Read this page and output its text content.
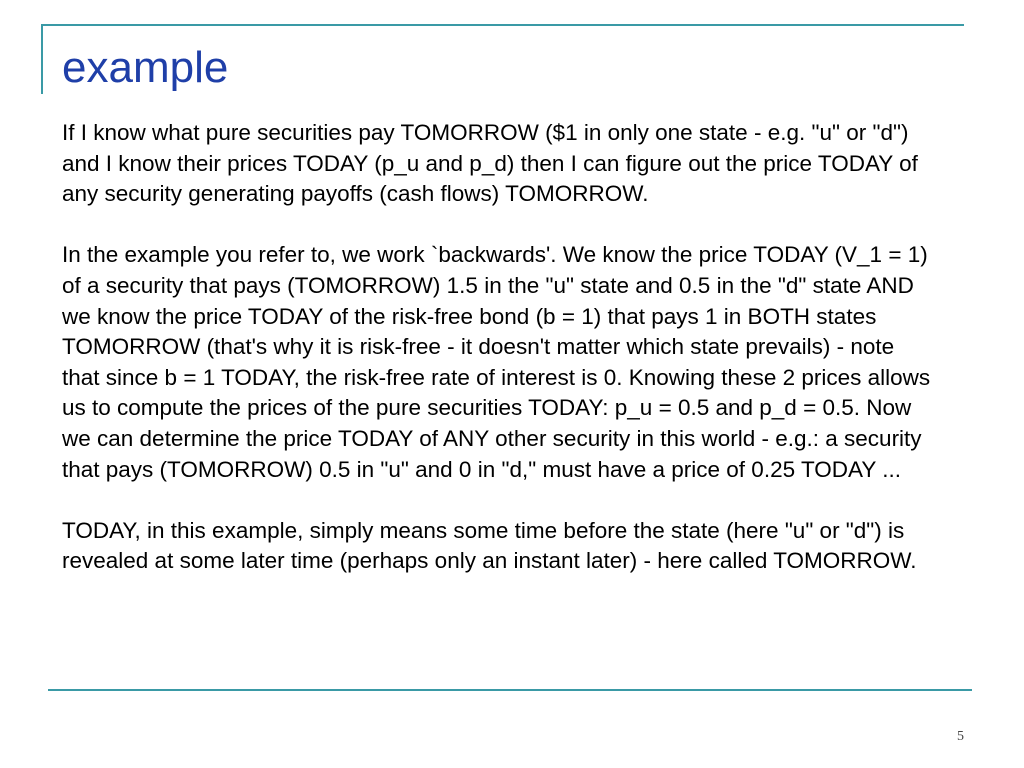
example

If I know what pure securities pay TOMORROW ($1 in only one state - e.g. "u" or "d") and I know their prices TODAY (p_u and p_d) then I can figure out the price TODAY of any security generating payoffs (cash flows) TOMORROW.

In the example you refer to, we work `backwards'. We know the price TODAY (V_1 = 1) of a security that pays (TOMORROW) 1.5 in the "u" state and 0.5 in the "d" state AND we know the price TODAY of the risk-free bond (b = 1) that pays 1 in BOTH states TOMORROW (that's why it is risk-free - it doesn't matter which state prevails) - note that since b = 1 TODAY, the risk-free rate of interest is 0. Knowing these 2 prices allows us to compute the prices of the pure securities TODAY: p_u = 0.5 and p_d = 0.5. Now we can determine the price TODAY of ANY other security in this world - e.g.: a security that pays (TOMORROW) 0.5 in "u" and 0 in "d," must have a price of 0.25 TODAY ...

TODAY, in this example, simply means some time before the state (here "u" or "d") is revealed at some later time (perhaps only an instant later) - here called TOMORROW.

5
